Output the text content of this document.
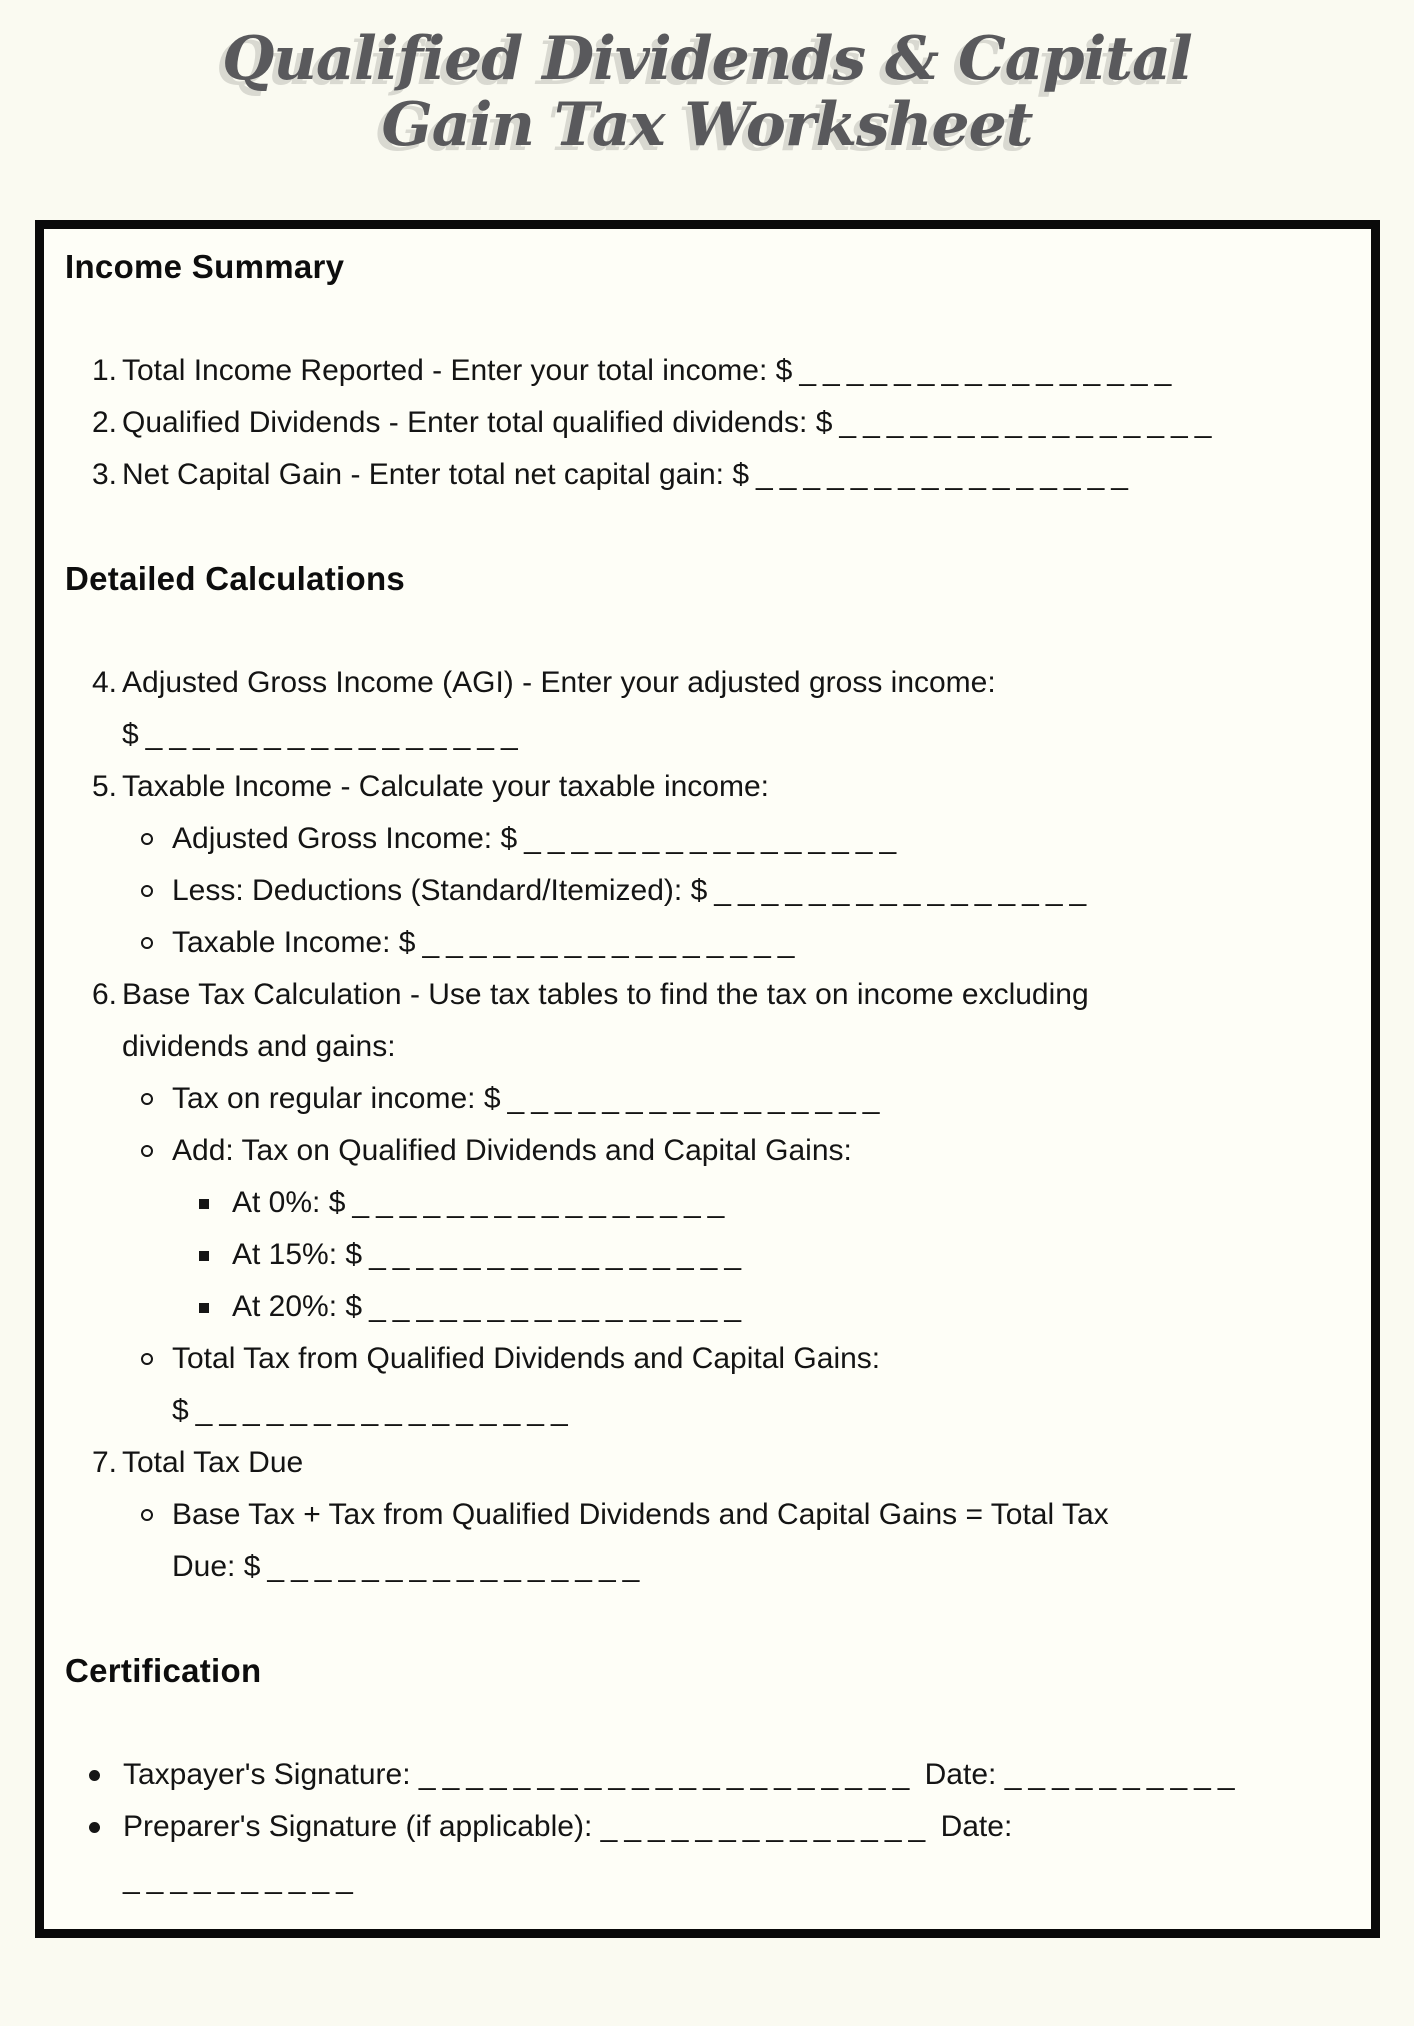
Qualified Dividends & Capital
Gain Tax Worksheet
Income Summary
1. Total Income Reported - Enter your total income: $________________
2. Qualified Dividends - Enter total qualified dividends: $________________
3. Net Capital Gain - Enter total net capital gain: $________________
Detailed Calculations
4. Adjusted Gross Income (AGI) - Enter your adjusted gross income:
$________________
5. Taxable Income - Calculate your taxable income:
Adjusted Gross Income: $________________
Less: Deductions (Standard/Itemized): $________________
Taxable Income: $________________
6. Base Tax Calculation - Use tax tables to find the tax on income excluding
dividends and gains:
Tax on regular income: $________________
Add: Tax on Qualified Dividends and Capital Gains:
At 0%: $________________
At 15%: $________________
At 20%: $________________
Total Tax from Qualified Dividends and Capital Gains:
$________________
7. Total Tax Due
Base Tax + Tax from Qualified Dividends and Capital Gains = Total Tax
Due: $________________
Certification
Taxpayer's Signature: _____________________ Date: __________
Preparer's Signature (if applicable): ______________ Date:
__________
